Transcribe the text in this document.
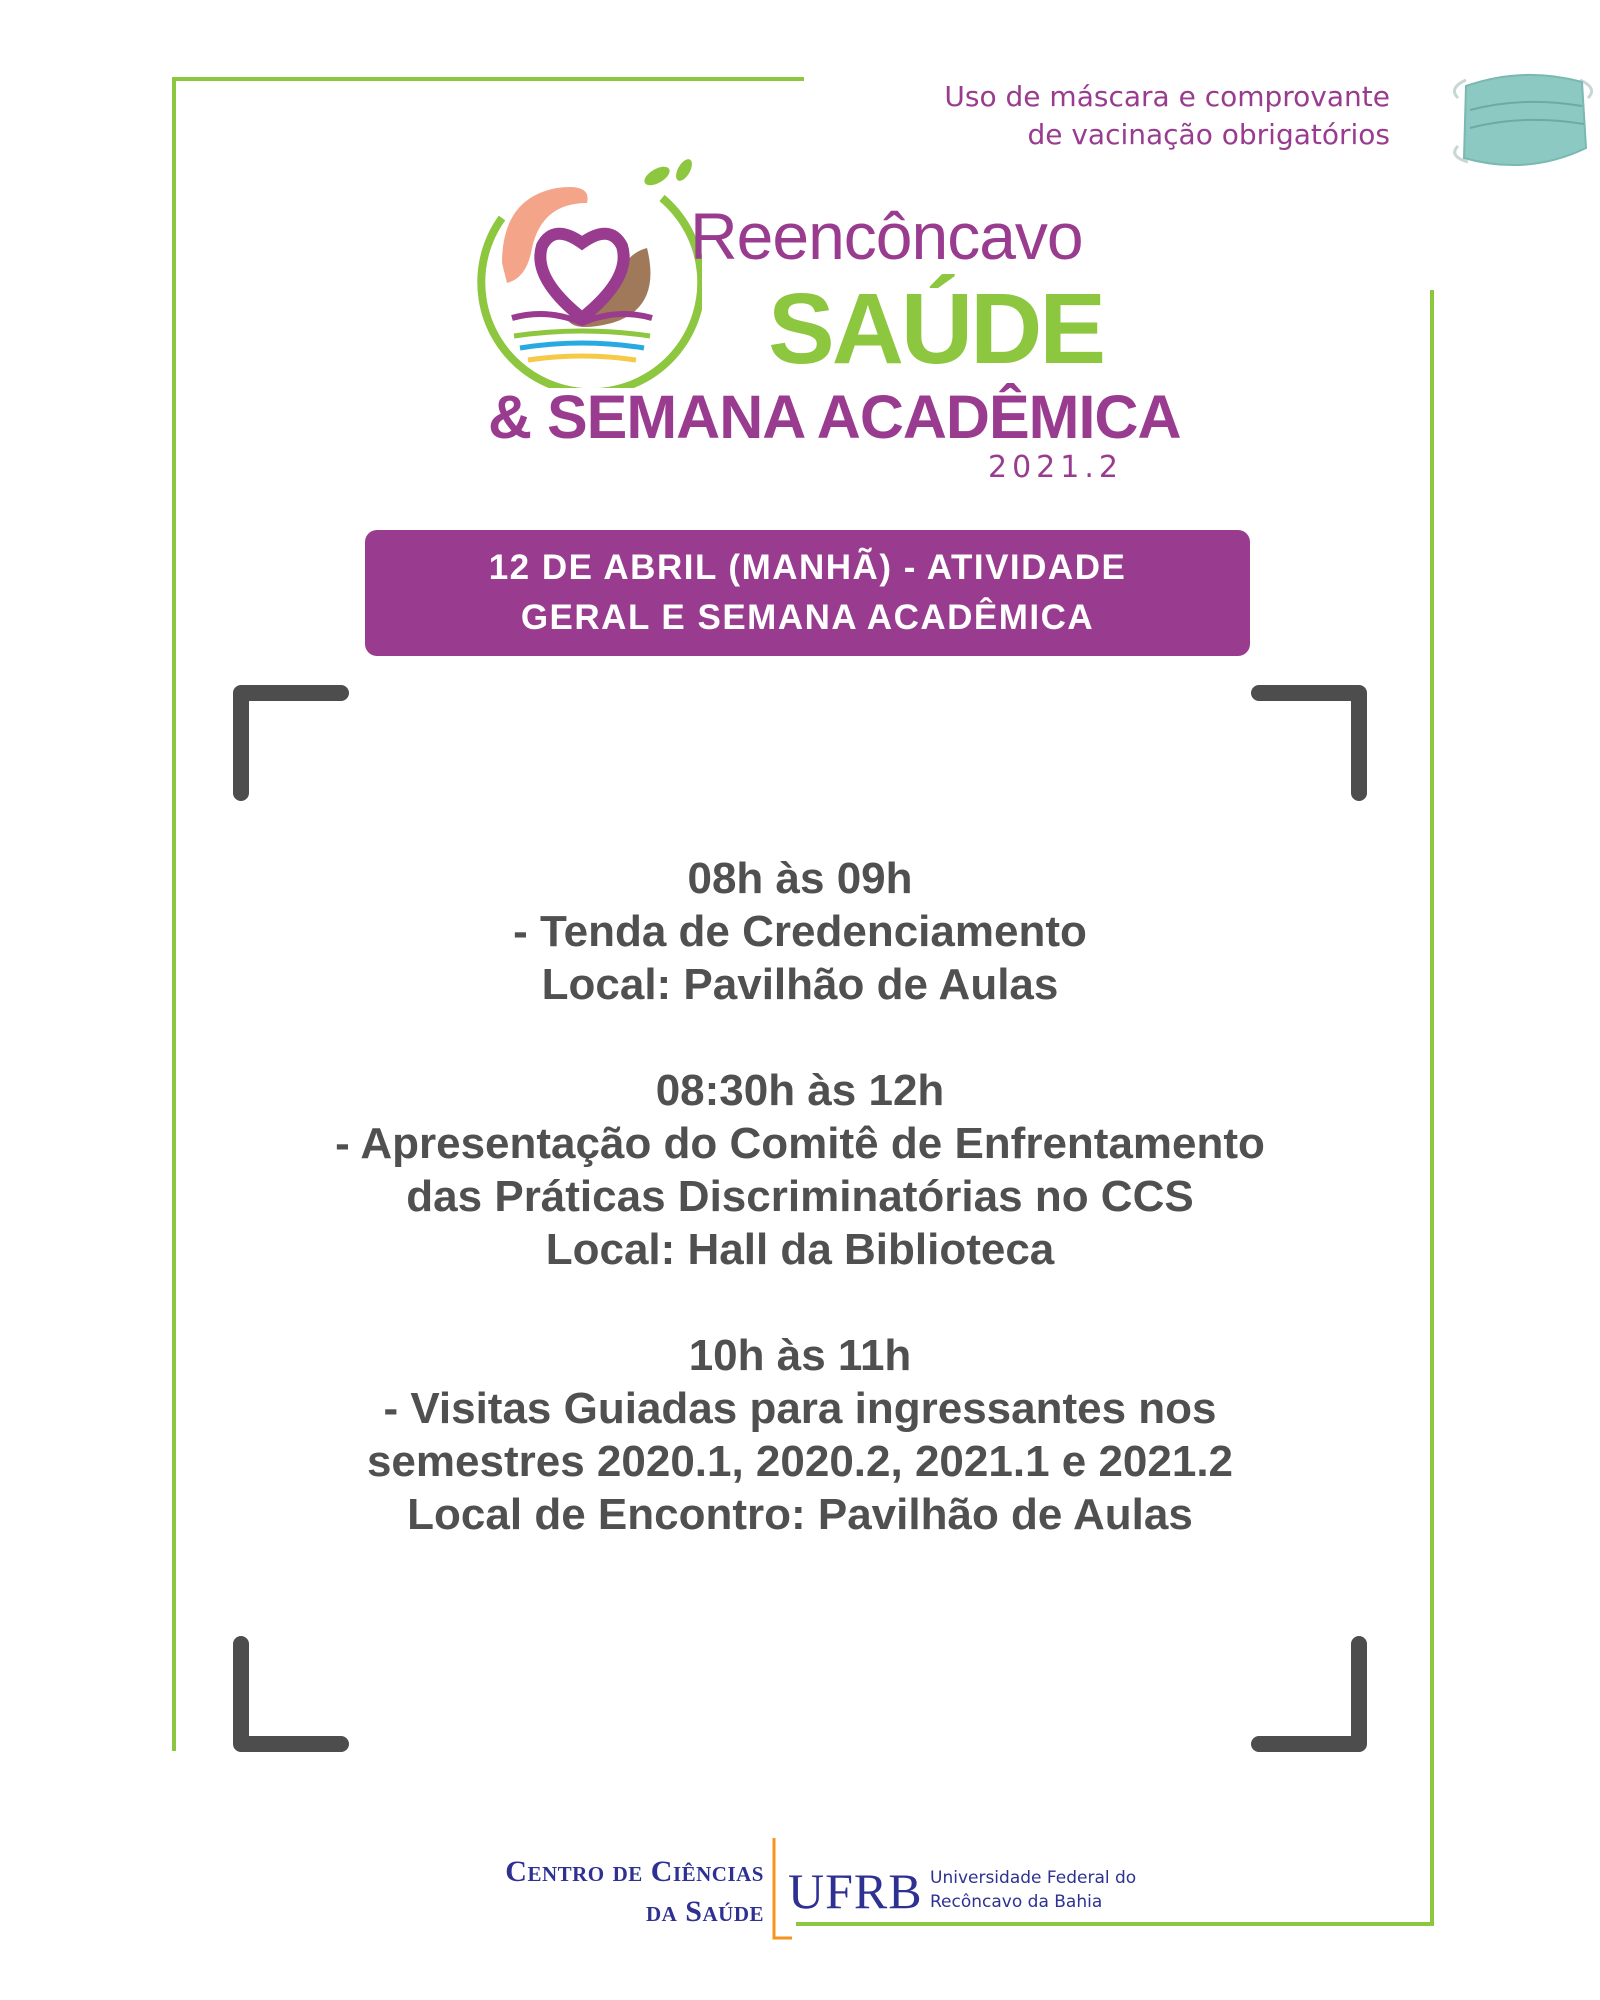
Uso de máscara e comprovante
de vacinação obrigatórios
Reencôncavo
SAÚDE
& SEMANA ACADÊMICA
2021.2
12 DE ABRIL (MANHÃ) - ATIVIDADE
GERAL E SEMANA ACADÊMICA
08h às 09h
- Tenda de Credenciamento
Local: Pavilhão de Aulas
08:30h às 12h
- Apresentação do Comitê de Enfrentamento
das Práticas Discriminatórias no CCS
Local: Hall da Biblioteca
10h às 11h
- Visitas Guiadas para ingressantes nos
semestres 2020.1, 2020.2, 2021.1 e 2021.2
Local de Encontro: Pavilhão de Aulas
Centro de Ciências
da Saúde UFRB Universidade Federal do
Recôncavo da Bahia
